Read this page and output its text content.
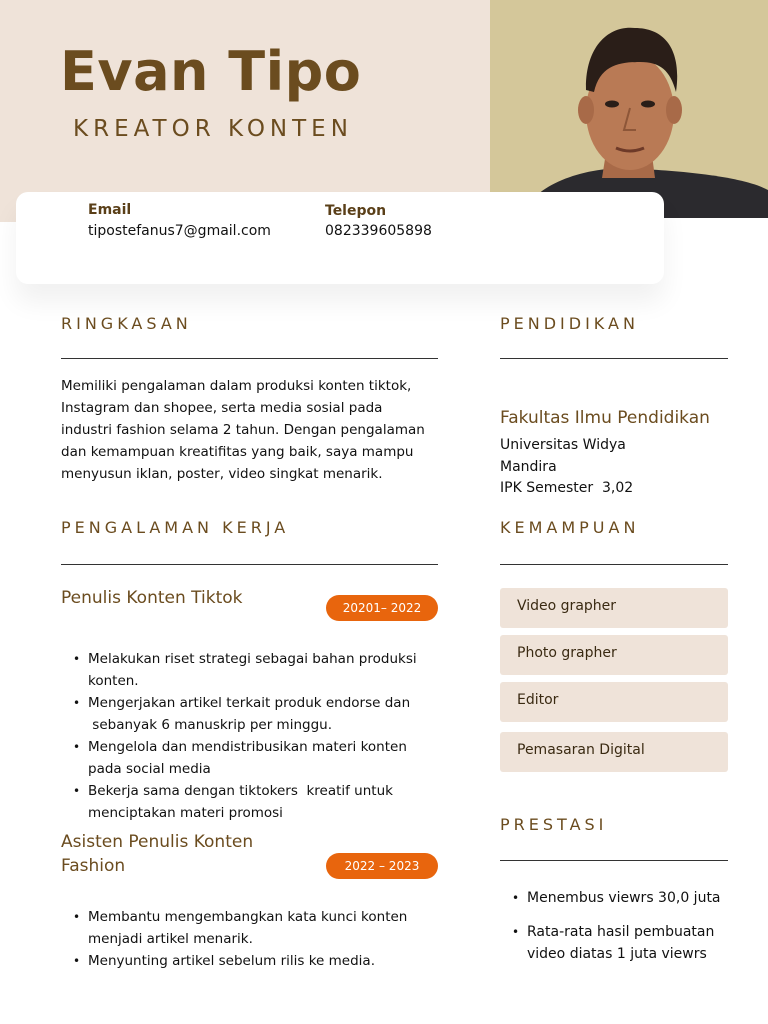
Evan Tipo
KREATOR KONTEN
Email
tipostefanus7@gmail.com
Telepon
082339605898
RINGKASAN
Memiliki pengalaman dalam produksi konten tiktok,
Instagram dan shopee, serta media sosial pada
industri fashion selama 2 tahun. Dengan pengalaman
dan kemampuan kreatifitas yang baik, saya mampu
menyusun iklan, poster, video singkat menarik.
PENGALAMAN KERJA
Penulis Konten Tiktok	20201– 2022
• Melakukan riset strategi sebagai bahan produksi
konten.
• Mengerjakan artikel terkait produk endorse dan
sebanyak 6 manuskrip per minggu.
• Mengelola dan mendistribusikan materi konten
pada social media
• Bekerja sama dengan tiktokers  kreatif untuk
menciptakan materi promosi
Asisten Penulis Konten
Fashion	2022 – 2023
• Membantu mengembangkan kata kunci konten
menjadi artikel menarik.
• Menyunting artikel sebelum rilis ke media.
PENDIDIKAN
Fakultas Ilmu Pendidikan
Universitas Widya
Mandira
IPK Semester  3,02
KEMAMPUAN
Video grapher
Photo grapher
Editor
Pemasaran Digital
PRESTASI
• Menembus viewrs 30,0 juta
• Rata-rata hasil pembuatan
video diatas 1 juta viewrs
